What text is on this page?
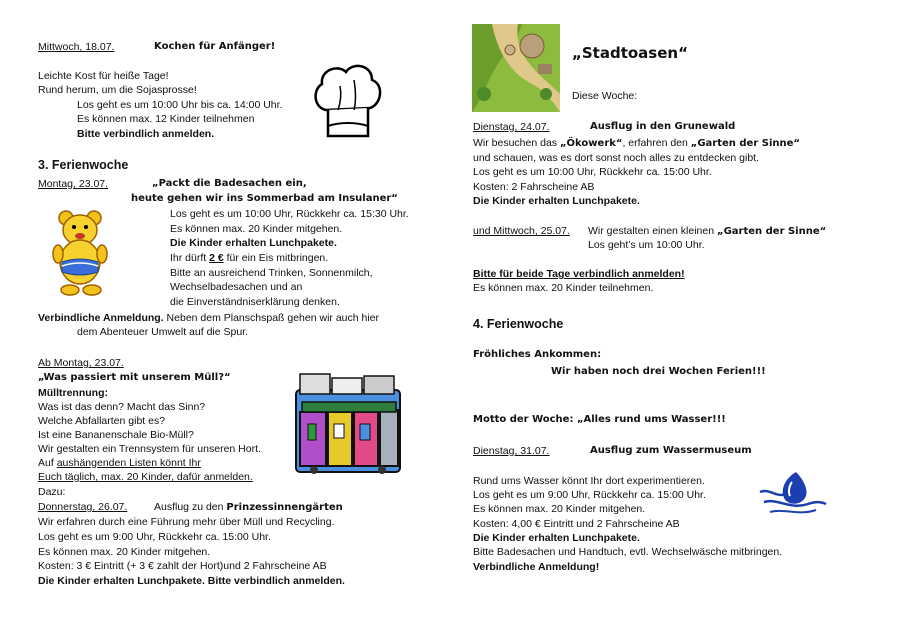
Mittwoch, 18.07.	Kochen für Anfänger!
Leichte Kost für heiße Tage!
Rund herum, um die Sojasprosse!
Los geht es um 10:00 Uhr bis ca. 14:00 Uhr.
Es können max. 12 Kinder teilnehmen
Bitte verbindlich anmelden.
3. Ferienwoche
Montag, 23.07.	„Packt die Badesachen ein,
heute gehen wir ins Sommerbad am Insulaner“
Los geht es um 10:00 Uhr, Rückkehr ca. 15:30 Uhr.
Es können max. 20 Kinder mitgehen.
Die Kinder erhalten Lunchpakete.
Ihr dürft 2 € für ein Eis mitbringen.
Bitte an ausreichend Trinken, Sonnenmilch,
Wechselbadesachen und an
die Einverständniserklärung denken.
Verbindliche Anmeldung. Neben dem Planschspaß gehen wir auch hier
dem Abenteuer Umwelt auf die Spur.
Ab Montag, 23.07.
„Was passiert mit unserem Müll?“
Mülltrennung:
Was ist das denn? Macht das Sinn?
Welche Abfallarten gibt es?
Ist eine Bananenschale Bio-Müll?
Wir gestalten ein Trennsystem für unseren Hort.
Auf aushängenden Listen könnt Ihr
Euch täglich, max. 20 Kinder, dafür anmelden.
Dazu:
Donnerstag, 26.07.	Ausflug zu den Prinzessinnengärten
Wir erfahren durch eine Führung mehr über Müll und Recycling.
Los geht es um 9:00 Uhr, Rückkehr ca. 15:00 Uhr.
Es können max. 20 Kinder mitgehen.
Kosten: 3 € Eintritt (+ 3 € zahlt der Hort)und 2 Fahrscheine AB
Die Kinder erhalten Lunchpakete. Bitte verbindlich anmelden.
„Stadtoasen“
Diese Woche:
Dienstag, 24.07.	Ausflug in den Grunewald
Wir besuchen das „Ökowerk“, erfahren den „Garten der Sinne“
und schauen, was es dort sonst noch alles zu entdecken gibt.
Los geht es um 10:00 Uhr, Rückkehr ca. 15:00 Uhr.
Kosten: 2 Fahrscheine AB
Die Kinder erhalten Lunchpakete.
und Mittwoch, 25.07. Wir gestalten einen kleinen „Garten der Sinne“
Los geht’s um 10:00 Uhr.
Bitte für beide Tage verbindlich anmelden!
Es können max. 20 Kinder teilnehmen.
4. Ferienwoche
Fröhliches Ankommen:
Wir haben noch drei Wochen Ferien!!!
Motto der Woche: „Alles rund ums Wasser!!!
Dienstag, 31.07.	Ausflug zum Wassermuseum
Rund ums Wasser könnt Ihr dort experimentieren.
Los geht es um 9:00 Uhr, Rückkehr ca. 15:00 Uhr.
Es können max. 20 Kinder mitgehen.
Kosten: 4,00 € Eintritt und 2 Fahrscheine AB
Die Kinder erhalten Lunchpakete.
Bitte Badesachen und Handtuch, evtl. Wechselwäsche mitbringen.
Verbindliche Anmeldung!
